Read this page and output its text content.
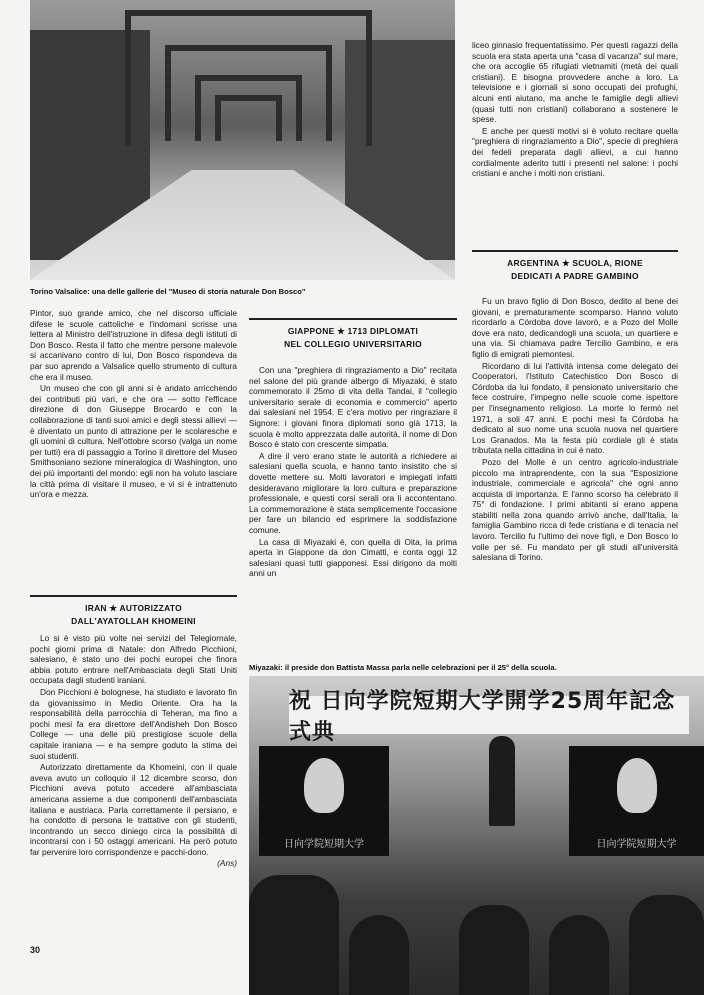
Torino Valsalice: una delle gallerie del "Museo di storia naturale Don Bosco"

Pintor, suo grande amico, che nel discorso ufficiale difese le scuole cattoliche e l'indomani scrisse una lettera al Ministro dell'istruzione in difesa degli istituti di Don Bosco. Resta il fatto che mentre persone malevole si accanivano contro di lui, Don Bosco rispondeva da par suo aprendo a Valsalice quello strumento di cultura che era il museo.

Un museo che con gli anni si è andato arricchendo dei contributi più vari, e che ora — sotto l'efficace direzione di don Giuseppe Brocardo e con la collaborazione di tanti suoi amici e degli stessi allievi — è diventato un punto di attrazione per le scolaresche e gli uomini di cultura. Nell'ottobre scorso (valga un nome per tutti) era di passaggio a Torino il direttore del Museo Smithsoniano sezione mineralogica di Washington, uno dei più importanti del mondo: egli non ha voluto lasciare la città prima di visitare il museo, e vi si è intrattenuto un'ora e mezza.

IRAN ★ AUTORIZZATO
DALL'AYATOLLAH KHOMEINI

Lo si è visto più volte nei servizi del Telegiornale, pochi giorni prima di Natale: don Alfredo Picchioni, salesiano, è stato uno dei pochi europei che finora abbia potuto entrare nell'Ambasciata degli Stati Uniti occupata dagli studenti iraniani.

Don Picchioni è bolognese, ha studiato e lavorato fin da giovanissimo in Medio Oriente. Ora ha la responsabilità della parrocchia di Teheran, ma fino a pochi mesi fa era direttore dell'Andisheh Don Bosco College — una delle più prestigiose scuole della capitale iraniana — e ha sempre goduto la stima dei suoi studenti.

Autorizzato direttamente da Khomeini, con il quale aveva avuto un colloquio il 12 dicembre scorso, don Picchioni aveva potuto accedere all'ambasciata americana assieme a due componenti dell'ambasciata italiana e austriaca. Parla correttamente il persiano, e ha condotto di persona le trattative con gli studenti, incontrando un secco diniego circa la possibilità di incontrarsi con i 50 ostaggi americani. Ha però potuto far pervenire loro corrispondenze e pacchi-dono.

(Ans)
30
GIAPPONE ★ 1713 DIPLOMATI
NEL COLLEGIO UNIVERSITARIO

Con una "preghiera di ringraziamento a Dio" recitata nel salone del più grande albergo di Miyazaki, è stato commemorato il 25mo di vita della Tandai, il "collegio universitario serale di economia e commercio" aperto dai salesiani nel 1954. E c'era motivo per ringraziare il Signore: i giovani finora diplomati sono già 1713, la scuola è molto apprezzata dalle autorità, il nome di Don Bosco è stato con crescente simpatia.

A dire il vero erano state le autorità a richiedere ai salesiani quella scuola, e hanno tanto insistito che si dovette mettere su. Molti lavoratori e impiegati infatti desideravano migliorare la loro cultura e preparazione professionale, e questi corsi serali ora li accontentano. La commemorazione è stata semplicemente l'occasione per fare un bilancio ed esprimere la soddisfazione comune.

La casa di Miyazaki è, con quella di Oita, la prima aperta in Giappone da don Cimatti, e conta oggi 12 salesiani quasi tutti giapponesi. Essi dirigono da molti anni un

liceo ginnasio frequentatissimo. Per questi ragazzi della scuola era stata aperta una "casa di vacanza" sul mare, che ora accoglie 65 rifugiati vietnamiti (metà dei quali cristiani). E bisogna provvedere anche a loro. La televisione e i giornali si sono occupati dei profughi, alcuni enti aiutano, ma anche le famiglie degli allievi (quasi tutti non cristiani) collaborano a sostenere le spese.

E anche per questi motivi si è voluto recitare quella "preghiera di ringraziamento a Dio", specie di preghiera dei fedeli preparata dagli allievi, a cui hanno cordialmente aderito tutti i presenti nel salone: i pochi cristiani e anche i molti non cristiani.

ARGENTINA ★ SCUOLA, RIONE
DEDICATI A PADRE GAMBINO

Fu un bravo figlio di Don Bosco, dedito al bene dei giovani, e prematuramente scomparso. Hanno voluto ricordarlo a Córdoba dove lavorò, e a Pozo del Molle dove era nato, dedicandogli una scuola, un quartiere e una via. Si chiamava padre Tercilio Gambino, e era figlio di emigrati piemontesi.

Ricordano di lui l'attività intensa come delegato dei Cooperatori, l'Istituto Catechistico Don Bosco di Córdoba da lui fondato, il pensionato universitario che fece costruire, l'impegno nelle scuole come ispettore per l'insegnamento religioso. La morte lo fermò nel 1971, a soli 47 anni. E pochi mesi fa Córdoba ha dedicato al suo nome una scuola nuova nel quartiere Los Granados. Ma la festa più cordiale gli è stata tributata nella cittadina in cui è nato.

Pozo del Molle è un centro agricolo-industriale piccolo ma intraprendente, con la sua "Esposizione industriale, commerciale e agricola" che ogni anno acquista di importanza. E l'anno scorso ha celebrato il 75° di fondazione. I primi abitanti si erano appena stabiliti nella zona quando arrivò anche, dall'Italia, la famiglia Gambino ricca di fede cristiana e di tenacia nel lavoro. Tercilio fu l'ultimo dei nove figli, e Don Bosco lo volle per sé. Fu mandato per gli studi all'università salesiana di Torino.

Miyazaki: il preside don Battista Massa parla nelle celebrazioni per il 25° della scuola.
祝 日向学院短期大学開学25周年記念式典
日向学院短期大学	日向学院短期大学
